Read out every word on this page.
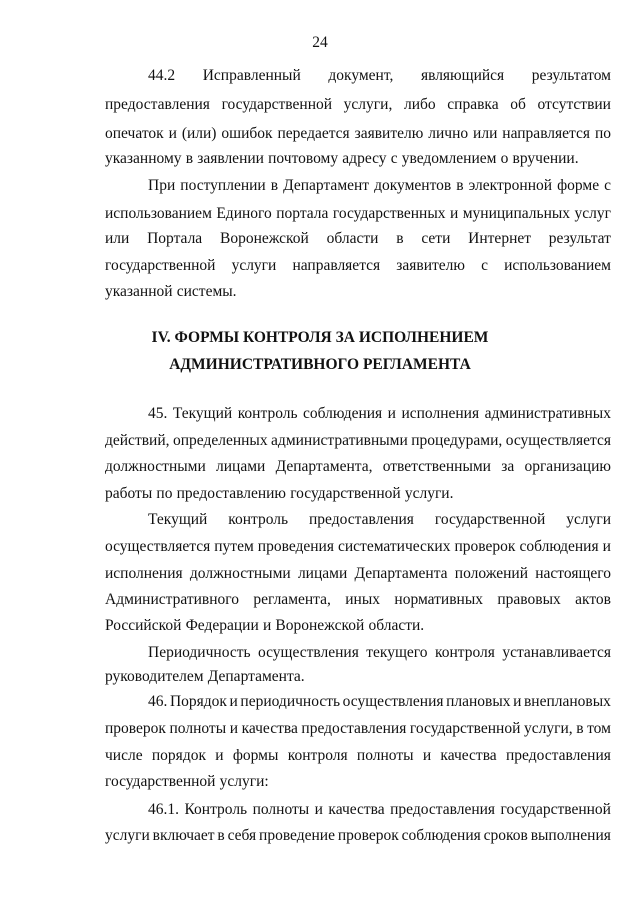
24
44.2 Исправленный документ, являющийся результатом
предоставления государственной услуги, либо справка об отсутствии
опечаток и (или) ошибок передается заявителю лично или направляется по
указанному в заявлении почтовому адресу с уведомлением о вручении.
При поступлении в Департамент документов в электронной форме с
использованием Единого портала государственных и муниципальных услуг
или Портала Воронежской области в сети Интернет результат
государственной услуги направляется заявителю с использованием
указанной системы.
IV. ФОРМЫ КОНТРОЛЯ ЗА ИСПОЛНЕНИЕМ
АДМИНИСТРАТИВНОГО РЕГЛАМЕНТА
45. Текущий контроль соблюдения и исполнения административных
действий, определенных административными процедурами, осуществляется
должностными лицами Департамента, ответственными за организацию
работы по предоставлению государственной услуги.
Текущий контроль предоставления государственной услуги
осуществляется путем проведения систематических проверок соблюдения и
исполнения должностными лицами Департамента положений настоящего
Административного регламента, иных нормативных правовых актов
Российской Федерации и Воронежской области.
Периодичность осуществления текущего контроля устанавливается
руководителем Департамента.
46. Порядок и периодичность осуществления плановых и внеплановых
проверок полноты и качества предоставления государственной услуги, в том
числе порядок и формы контроля полноты и качества предоставления
государственной услуги:
46.1. Контроль полноты и качества предоставления государственной
услуги включает в себя проведение проверок соблюдения сроков выполнения
